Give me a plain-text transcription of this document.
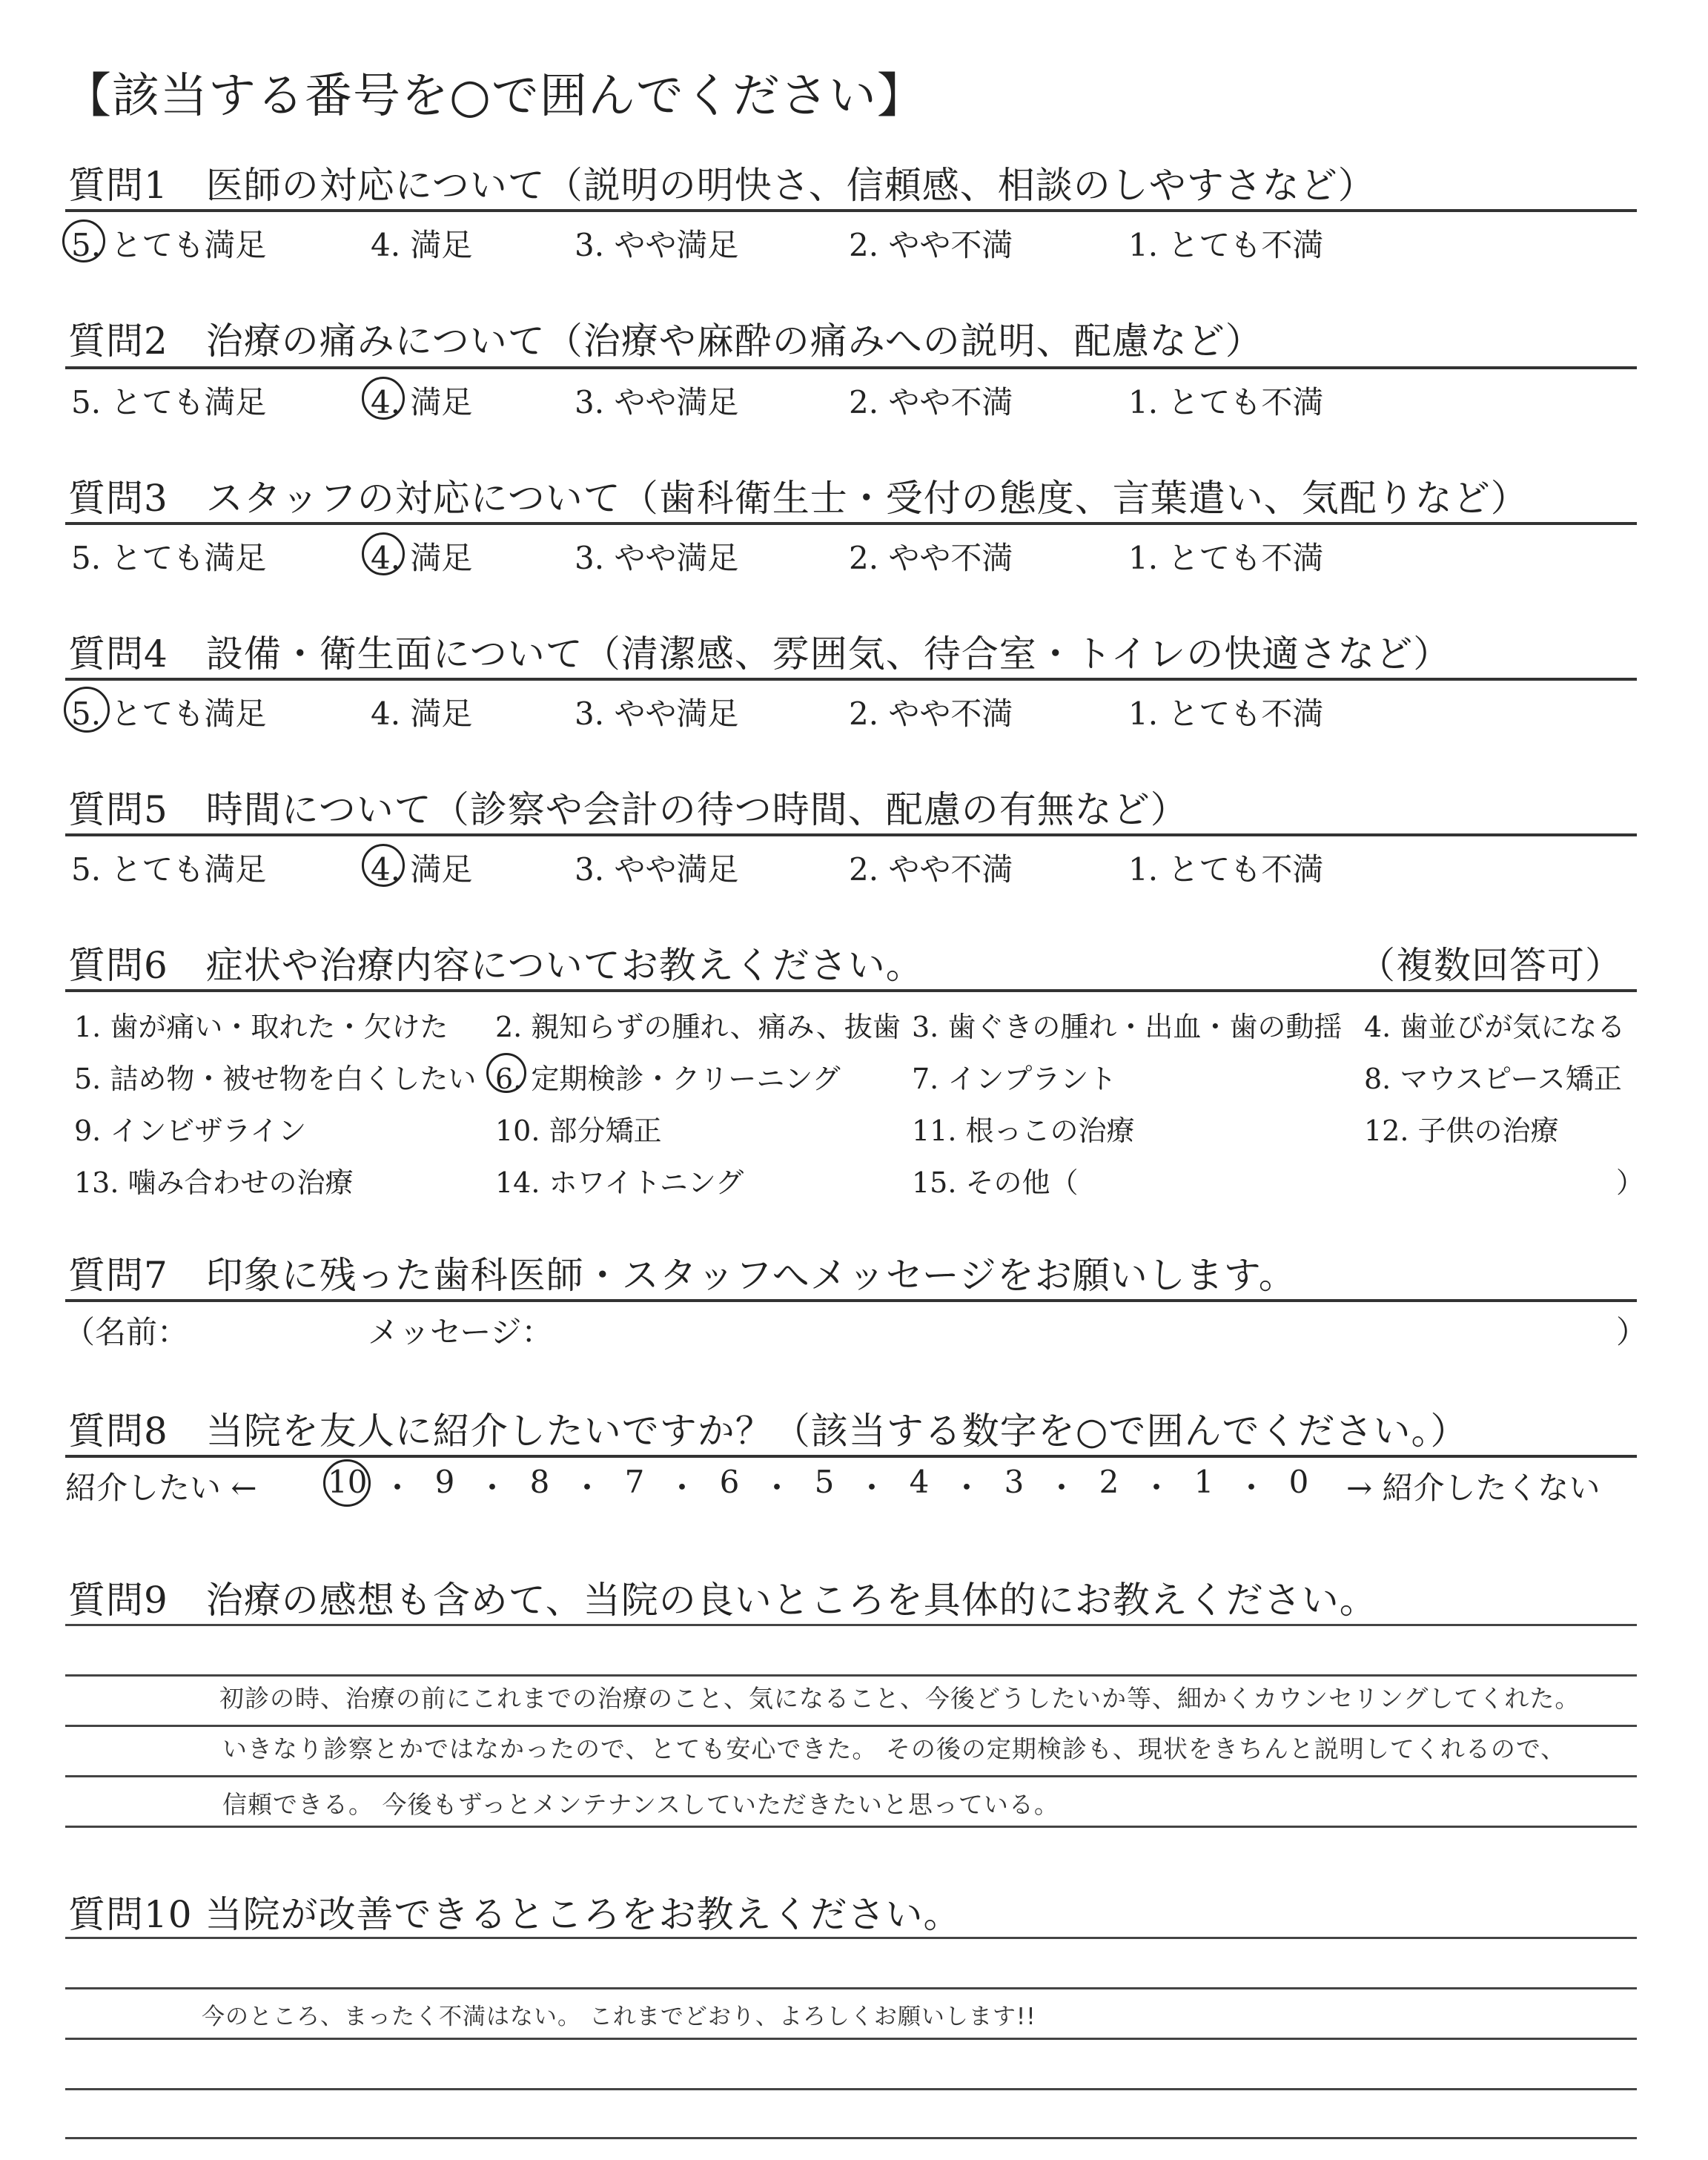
【該当する番号を○で囲んでください】
質問1　医師の対応について（説明の明快さ、信頼感、相談のしやすさなど）
5. とても満足	4. 満足	3. やや満足	2. やや不満	1. とても不満
質問2　治療の痛みについて（治療や麻酔の痛みへの説明、配慮など）
5. とても満足	4. 満足	3. やや満足	2. やや不満	1. とても不満
質問3　スタッフの対応について（歯科衛生士・受付の態度、言葉遣い、気配りなど）
5. とても満足	4. 満足	3. やや満足	2. やや不満	1. とても不満
質問4　設備・衛生面について（清潔感、雰囲気、待合室・トイレの快適さなど）
5. とても満足	4. 満足	3. やや満足	2. やや不満	1. とても不満
質問5　時間について（診察や会計の待つ時間、配慮の有無など）
5. とても満足	4. 満足	3. やや満足	2. やや不満	1. とても不満
質問6　症状や治療内容についてお教えください。	（複数回答可）
1. 歯が痛い・取れた・欠けた 2. 親知らずの腫れ、痛み、抜歯 3. 歯ぐきの腫れ・出血・歯の動揺 4. 歯並びが気になる
5. 詰め物・被せ物を白くしたい 6. 定期検診・クリーニング	7. インプラント	8. マウスピース矯正
9. インビザライン	10. 部分矯正	11. 根っこの治療	12. 子供の治療
13. 噛み合わせの治療	14. ホワイトニング	15. その他（	）
質問7　印象に残った歯科医師・スタッフへメッセージをお願いします。
（名前：	メッセージ：	）
質問8　当院を友人に紹介したいですか？（該当する数字を○で囲んでください。）
紹介したい ← 10 ・ 9 ・ 8 ・ 7 ・ 6 ・ 5 ・ 4 ・ 3 ・ 2 ・ 1 ・ 0 → 紹介したくない
質問9　治療の感想も含めて、当院の良いところを具体的にお教えください。
初診の時、治療の前にこれまでの治療のこと、気になること、今後どうしたいか等、細かくカウンセリングしてくれた。
いきなり診察とかではなかったので、とても安心できた。 その後の定期検診も、現状をきちんと説明してくれるので、
信頼できる。 今後もずっとメンテナンスしていただきたいと思っている。
質問10 当院が改善できるところをお教えください。
今のところ、まったく不満はない。 これまでどおり、よろしくお願いします!!
